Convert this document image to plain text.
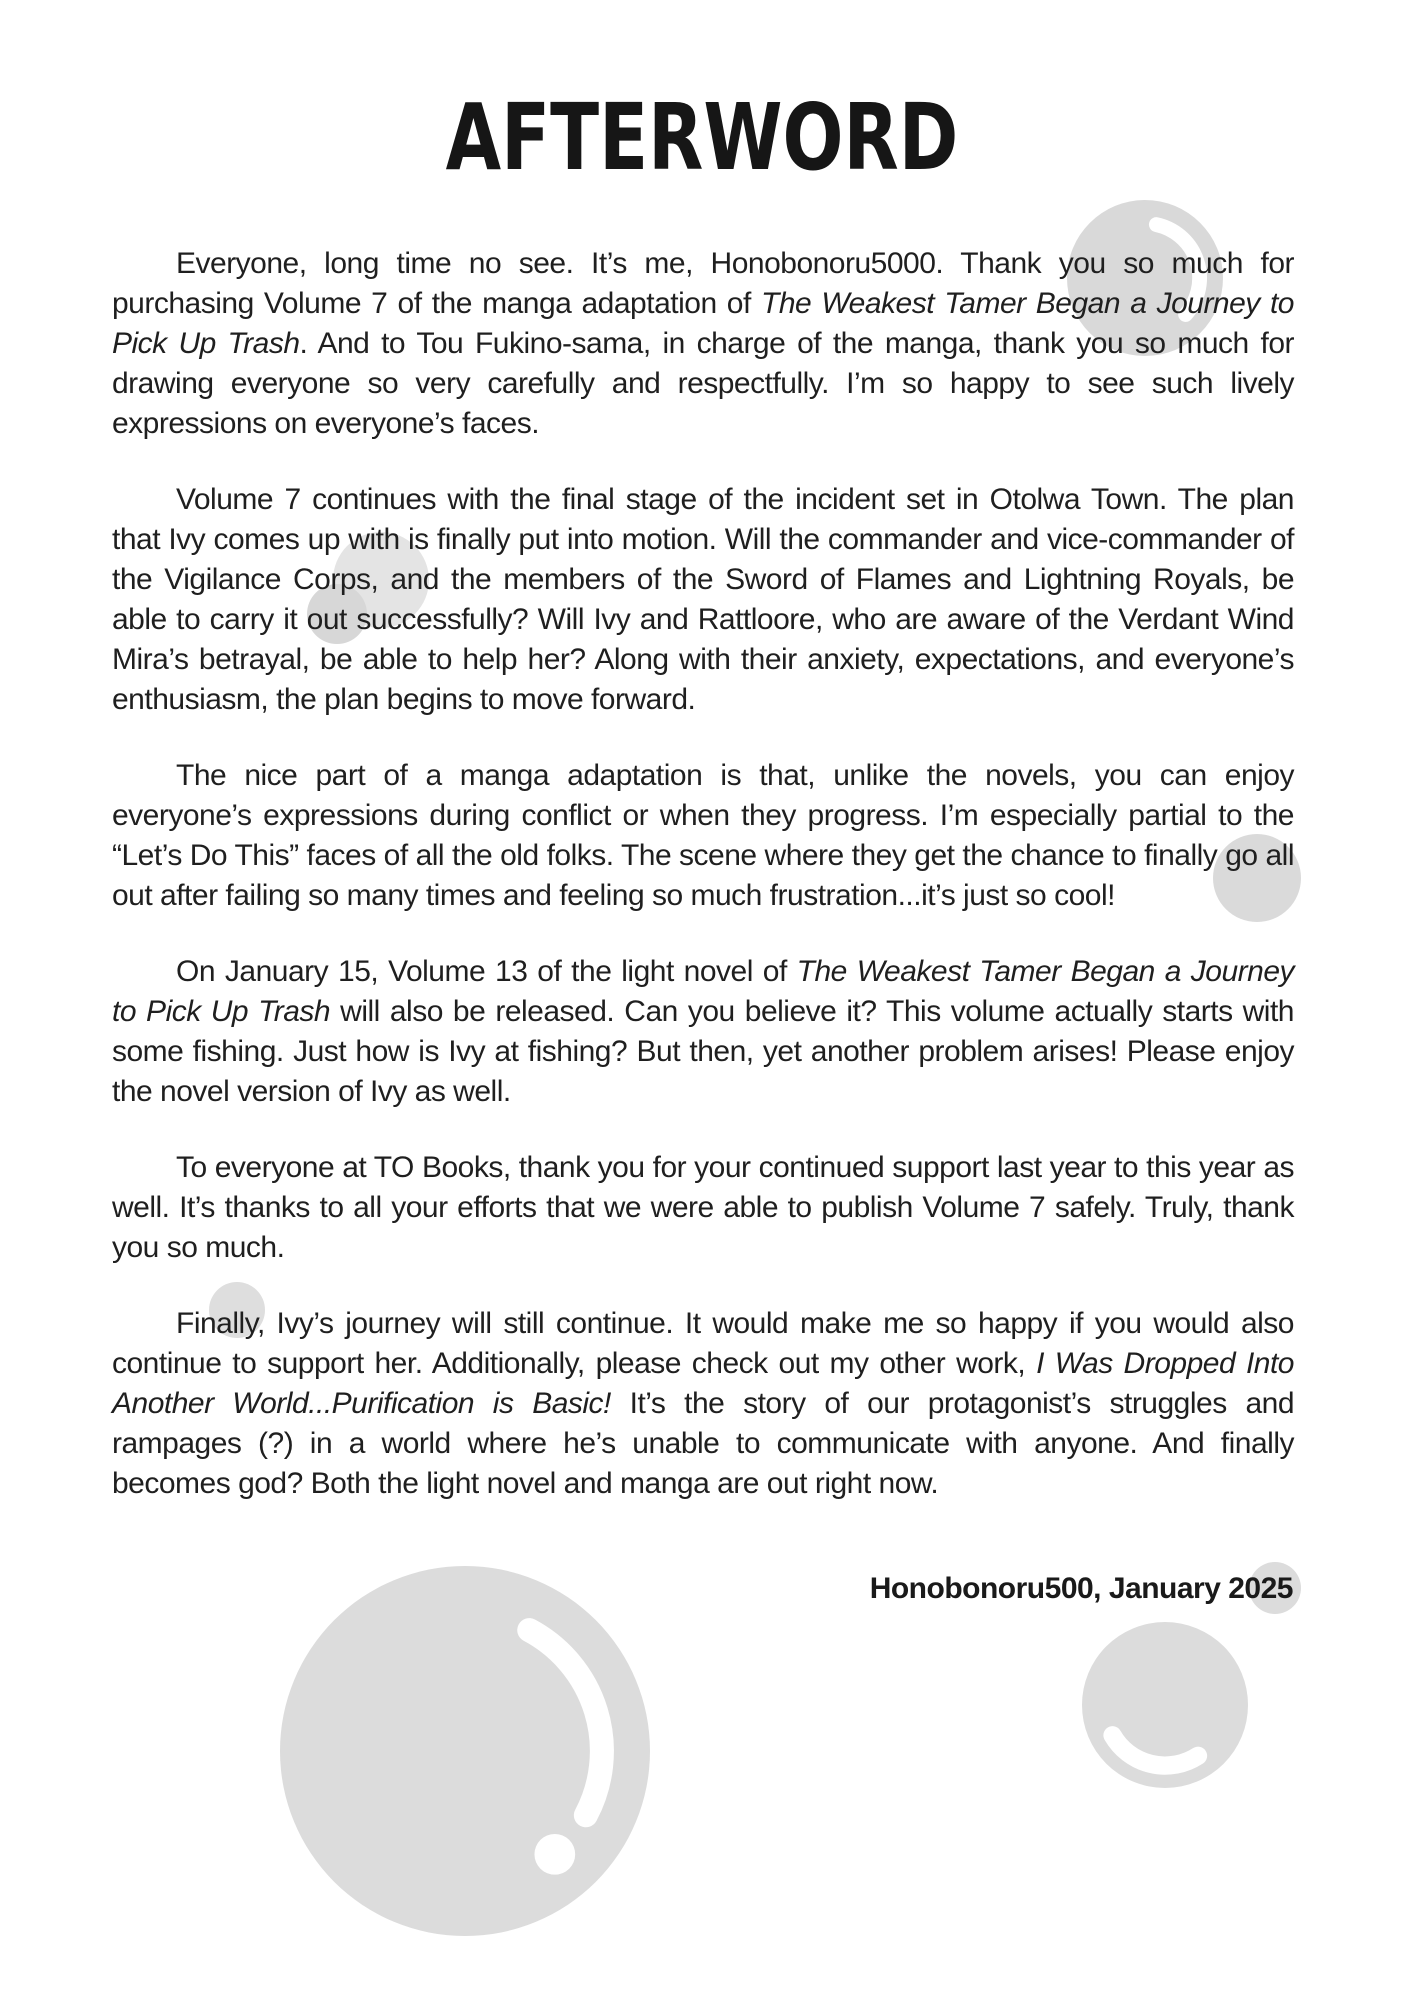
AFTERWORD

Everyone, long time no see. It’s me, Honobonoru5000. Thank you so much for purchasing Volume 7 of the manga adaptation of The Weakest Tamer Began a Journey to Pick Up Trash. And to Tou Fukino-sama, in charge of the manga, thank you so much for drawing everyone so very carefully and respectfully. I’m so happy to see such lively expressions on everyone’s faces.

Volume 7 continues with the final stage of the incident set in Otolwa Town. The plan that Ivy comes up with is finally put into motion. Will the commander and vice-commander of the Vigilance Corps, and the members of the Sword of Flames and Lightning Royals, be able to carry it out successfully? Will Ivy and Rattloore, who are aware of the Verdant Wind Mira’s betrayal, be able to help her? Along with their anxiety, expectations, and everyone’s enthusiasm, the plan begins to move forward.

The nice part of a manga adaptation is that, unlike the novels, you can enjoy everyone’s expressions during conflict or when they progress. I’m especially partial to the “Let’s Do This” faces of all the old folks. The scene where they get the chance to finally go all out after failing so many times and feeling so much frustration...it’s just so cool!

On January 15, Volume 13 of the light novel of The Weakest Tamer Began a Journey to Pick Up Trash will also be released. Can you believe it? This volume actually starts with some fishing. Just how is Ivy at fishing? But then, yet another problem arises! Please enjoy the novel version of Ivy as well.

To everyone at TO Books, thank you for your continued support last year to this year as well. It’s thanks to all your efforts that we were able to publish Volume 7 safely. Truly, thank you so much.

Finally, Ivy’s journey will still continue. It would make me so happy if you would also continue to support her. Additionally, please check out my other work, I Was Dropped Into Another World...Purification is Basic! It’s the story of our protagonist’s struggles and rampages (?) in a world where he’s unable to communicate with anyone. And finally becomes god? Both the light novel and manga are out right now.

Honobonoru500, January 2025
